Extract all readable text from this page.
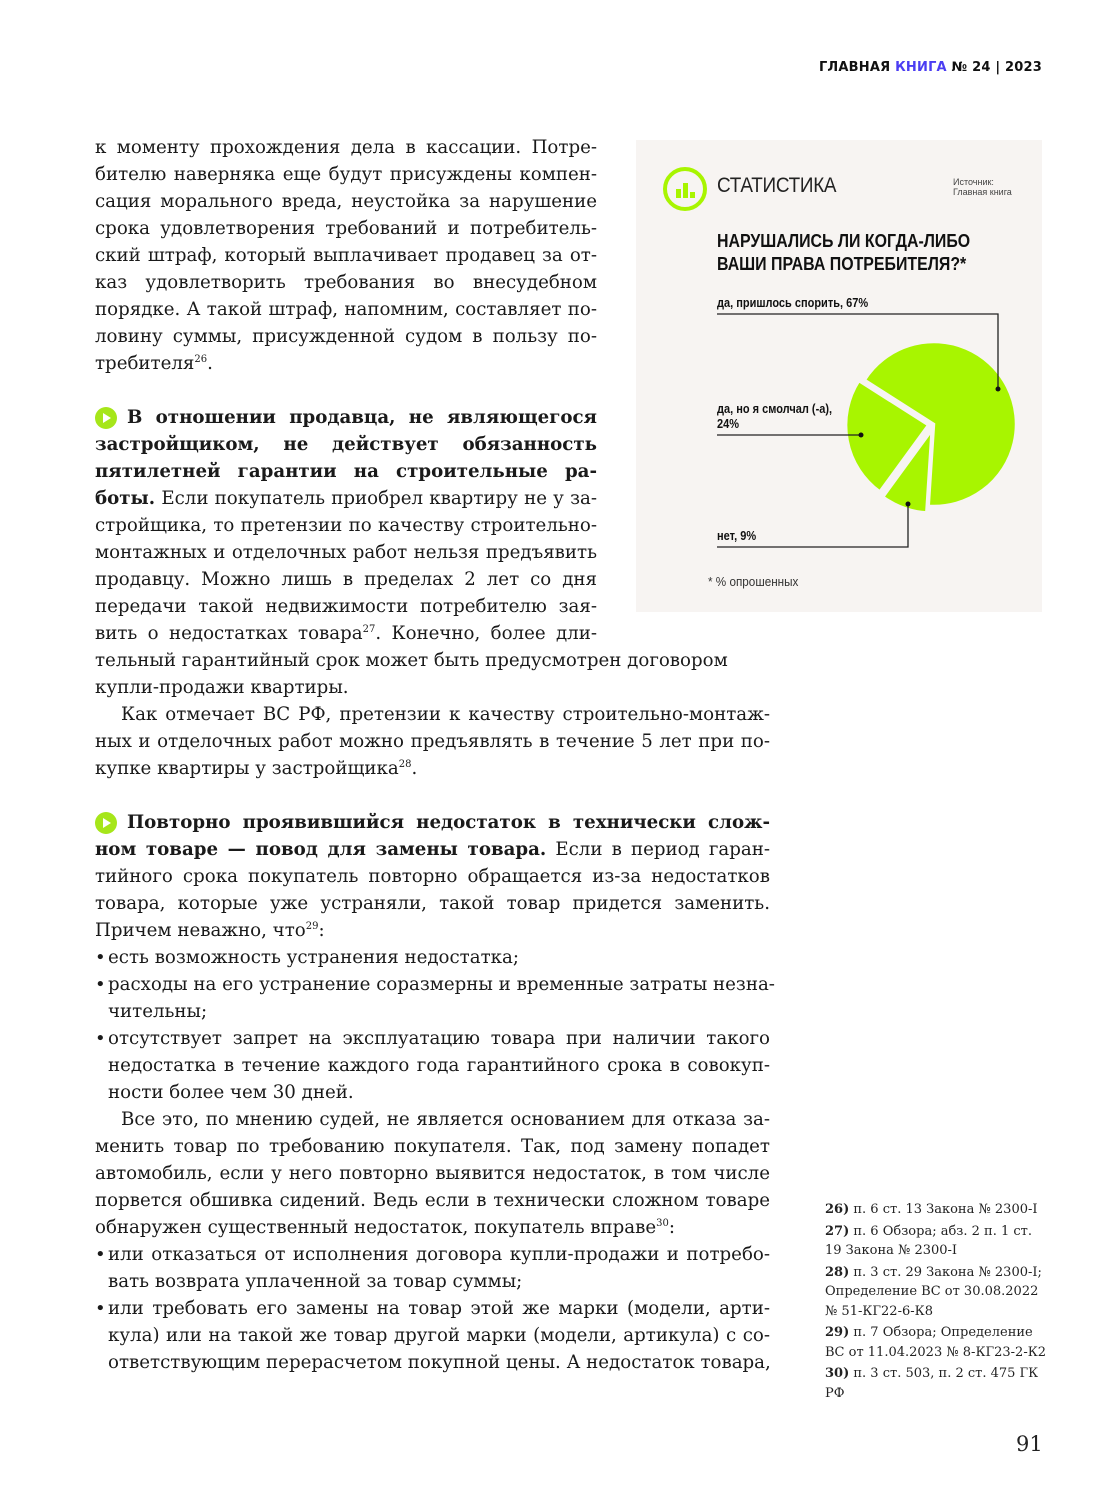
ГЛАВНАЯ КНИГА № 24 | 2023
к моменту прохождения дела в кассации. Потре-
бителю наверняка еще будут присуждены компен-
сация морального вреда, неустойка за нарушение
срока удовлетворения требований и потребитель-
ский штраф, который выплачивает продавец за от-
каз удовлетворить требования во внесудебном
порядке. А такой штраф, напомним, составляет по-
ловину суммы, присужденной судом в пользу по-
требителя$^{26}$.
В отношении продавца, не являющегося
застройщиком, не действует обязанность
пятилетней гарантии на строительные ра-
боты. Если покупатель приобрел квартиру не у за-
стройщика, то претензии по качеству строительно-
монтажных и отделочных работ нельзя предъявить
продавцу. Можно лишь в пределах 2 лет со дня
передачи такой недвижимости потребителю зая-
вить о недостатках товара$^{27}$. Конечно, более дли-
тельный гарантийный срок может быть предусмотрен договором
купли-продажи квартиры.
Как отмечает ВС РФ, претензии к качеству строительно-монтаж-
ных и отделочных работ можно предъявлять в течение 5 лет при по-
купке квартиры у застройщика$^{28}$.
Повторно проявившийся недостаток в технически слож-
ном товаре — повод для замены товара. Если в период гаран-
тийного срока покупатель повторно обращается из-за недостатков
товара, которые уже устраняли, такой товар придется заменить.
Причем неважно, что$^{29}$:
• есть возможность устранения недостатка;
• расходы на его устранение соразмерны и временные затраты незна-
чительны;
• отсутствует запрет на эксплуатацию товара при наличии такого
недостатка в течение каждого года гарантийного срока в совокуп-
ности более чем 30 дней.
Все это, по мнению судей, не является основанием для отказа за-
менить товар по требованию покупателя. Так, под замену попадет
автомобиль, если у него повторно выявится недостаток, в том числе
порвется обшивка сидений. Ведь если в технически сложном товаре
обнаружен существенный недостаток, покупатель вправе$^{30}$:
• или отказаться от исполнения договора купли-продажи и потребо-
вать возврата уплаченной за товар суммы;
• или требовать его замены на товар этой же марки (модели, арти-
кула) или на такой же товар другой марки (модели, артикула) с со-
ответствующим перерасчетом покупной цены. А недостаток товара,
СТАТИСТИКА	Источник:
Главная книга
НАРУШАЛИСЬ ЛИ КОГДА-ЛИБО
ВАШИ ПРАВА ПОТРЕБИТЕЛЯ?*
да, пришлось спорить, 67%
да, но я смолчал (-а),
24%
нет, 9%
* % опрошенных
26) п. 6 ст. 13 Закона № 2300-I
27) п. 6 Обзора; абз. 2 п. 1 ст. 19 Закона № 2300-I
28) п. 3 ст. 29 Закона № 2300-I; Определение ВС от 30.08.2022 № 51-КГ22-6-К8
29) п. 7 Обзора; Определение ВС от 11.04.2023 № 8-КГ23-2-К2
30) п. 3 ст. 503, п. 2 ст. 475 ГК РФ
91
